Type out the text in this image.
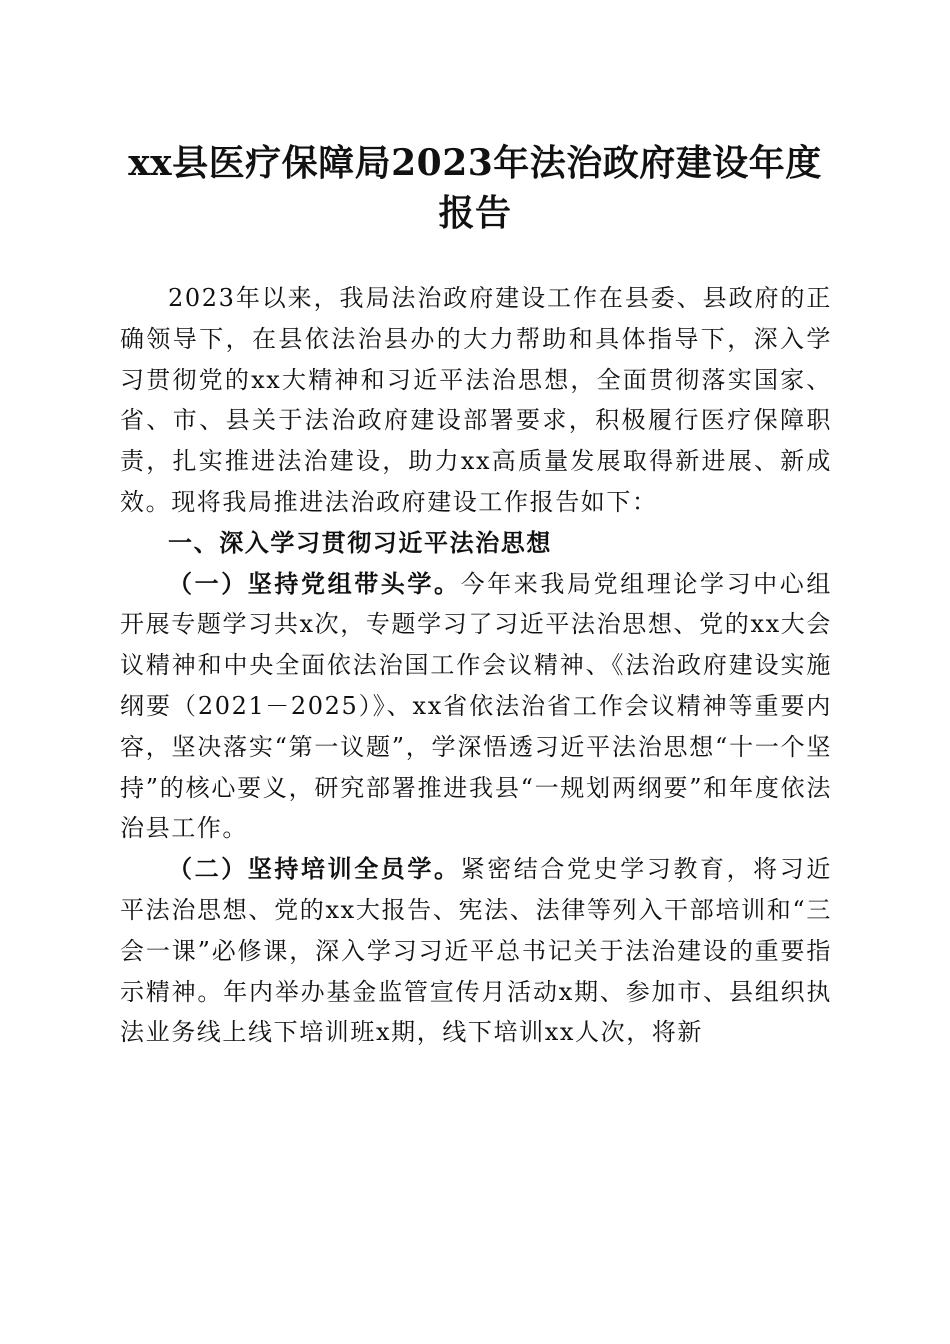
xx县医疗保障局2023年法治政府建设年度报告

2023年以来，我局法治政府建设工作在县委、县政府的正确领导下，在县依法治县办的大力帮助和具体指导下，深入学习贯彻党的xx大精神和习近平法治思想，全面贯彻落实国家、省、市、县关于法治政府建设部署要求，积极履行医疗保障职责，扎实推进法治建设，助力xx高质量发展取得新进展、新成效。现将我局推进法治政府建设工作报告如下：

一、深入学习贯彻习近平法治思想

（一）坚持党组带头学。今年来我局党组理论学习中心组开展专题学习共x次，专题学习了习近平法治思想、党的xx大会议精神和中央全面依法治国工作会议精神、《法治政府建设实施纲要（2021－2025）》、xx省依法治省工作会议精神等重要内容，坚决落实“第一议题”，学深悟透习近平法治思想“十一个坚持”的核心要义，研究部署推进我县“一规划两纲要”和年度依法治县工作。

（二）坚持培训全员学。紧密结合党史学习教育，将习近平法治思想、党的xx大报告、宪法、法律等列入干部培训和“三会一课”必修课，深入学习习近平总书记关于法治建设的重要指示精神。年内举办基金监管宣传月活动x期、参加市、县组织执法业务线上线下培训班x期，线下培训xx人次，将新
